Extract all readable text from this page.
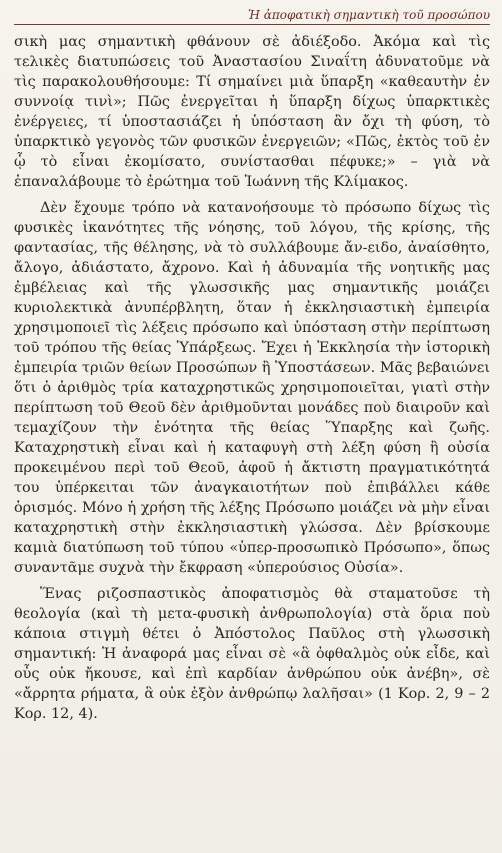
Ἡ ἀποφατικὴ σημαντικὴ τοῦ προσώπου

σικὴ μας σημαντικὴ φθάνουν σὲ ἀδιέξοδο. Ἀκόμα καὶ τὶς τελικὲς διατυπώσεις τοῦ Ἀναστασίου Σιναΐτη ἀδυνατοῦμε νὰ τὶς παρακολουθήσουμε: Τί σημαίνει μιὰ ὕπαρξη «καθεαυτὴν ἐν συννοίᾳ τινὶ»; Πῶς ἐνεργεῖται ἡ ὕπαρξη δίχως ὑπαρκτικὲς ἐνέργειες, τί ὑποστασιάζει ἡ ὑπόσταση ἂν ὄχι τὴ φύση, τὸ ὑπαρκτικὸ γεγονὸς τῶν φυσικῶν ἐνεργειῶν; «Πῶς, ἐκτὸς τοῦ ἐν ᾧ τὸ εἶναι ἐκομίσατο, συνίστασθαι πέφυκε;» – γιὰ νὰ ἐπαναλάβουμε τὸ ἐρώτημα τοῦ Ἰωάννη τῆς Κλίμακος.

Δὲν ἔχουμε τρόπο νὰ κατανοήσουμε τὸ πρόσωπο δίχως τὶς φυσικὲς ἱκανότητες τῆς νόησης, τοῦ λόγου, τῆς κρίσης, τῆς φαντασίας, τῆς θέλησης, νὰ τὸ συλλάβουμε ἄν-ειδο, ἀναίσθητο, ἄλογο, ἀδιάστατο, ἄχρονο. Καὶ ἡ ἀδυναμία τῆς νοητικῆς μας ἐμβέλειας καὶ τῆς γλωσσικῆς μας σημαντικῆς μοιάζει κυριολεκτικὰ ἀνυπέρβλητη, ὅταν ἡ ἐκκλησιαστικὴ ἐμπειρία χρησιμοποιεῖ τὶς λέξεις πρόσωπο καὶ ὑπόσταση στὴν περίπτωση τοῦ τρόπου τῆς θείας Ὑπάρξεως. Ἔχει ἡ Ἐκκλησία τὴν ἱστορικὴ ἐμπειρία τριῶν θείων Προσώπων ἢ Ὑποστάσεων. Μᾶς βεβαιώνει ὅτι ὁ ἀριθμὸς τρία καταχρηστικῶς χρησιμοποιεῖται, γιατὶ στὴν περίπτωση τοῦ Θεοῦ δὲν ἀριθμοῦνται μονάδες ποὺ διαιροῦν καὶ τεμαχίζουν τὴν ἑνότητα τῆς θείας Ὕπαρξης καὶ ζωῆς. Καταχρηστικὴ εἶναι καὶ ἡ καταφυγὴ στὴ λέξη φύση ἢ οὐσία προκειμένου περὶ τοῦ Θεοῦ, ἀφοῦ ἡ ἄκτιστη πραγματικότητά του ὑπέρκειται τῶν ἀναγκαιοτήτων ποὺ ἐπιβάλλει κάθε ὁρισμός. Μόνο ἡ χρήση τῆς λέξης Πρόσωπο μοιάζει νὰ μὴν εἶναι καταχρηστικὴ στὴν ἐκκλησιαστικὴ γλώσσα. Δὲν βρίσκουμε καμιὰ διατύπωση τοῦ τύπου «ὑπερ-προσωπικὸ Πρόσωπο», ὅπως συναντᾶμε συχνὰ τὴν ἔκφραση «ὑπερούσιος Οὐσία».

Ἕνας ριζοσπαστικὸς ἀποφατισμὸς θὰ σταματοῦσε τὴ θεολογία (καὶ τὴ μετα-φυσικὴ ἀνθρωπολογία) στὰ ὅρια ποὺ κάποια στιγμὴ θέτει ὁ Ἀπόστολος Παῦλος στὴ γλωσσικὴ σημαντική: Ἡ ἀναφορά μας εἶναι σὲ «ἃ ὀφθαλμὸς οὐκ εἶδε, καὶ οὖς οὐκ ἤκουσε, καὶ ἐπὶ καρδίαν ἀνθρώπου οὐκ ἀνέβη», σὲ «ἄρρητα ρήματα, ἃ οὐκ ἐξὸν ἀνθρώπῳ λαλῆσαι» (1 Κορ. 2, 9 – 2 Κορ. 12, 4).
